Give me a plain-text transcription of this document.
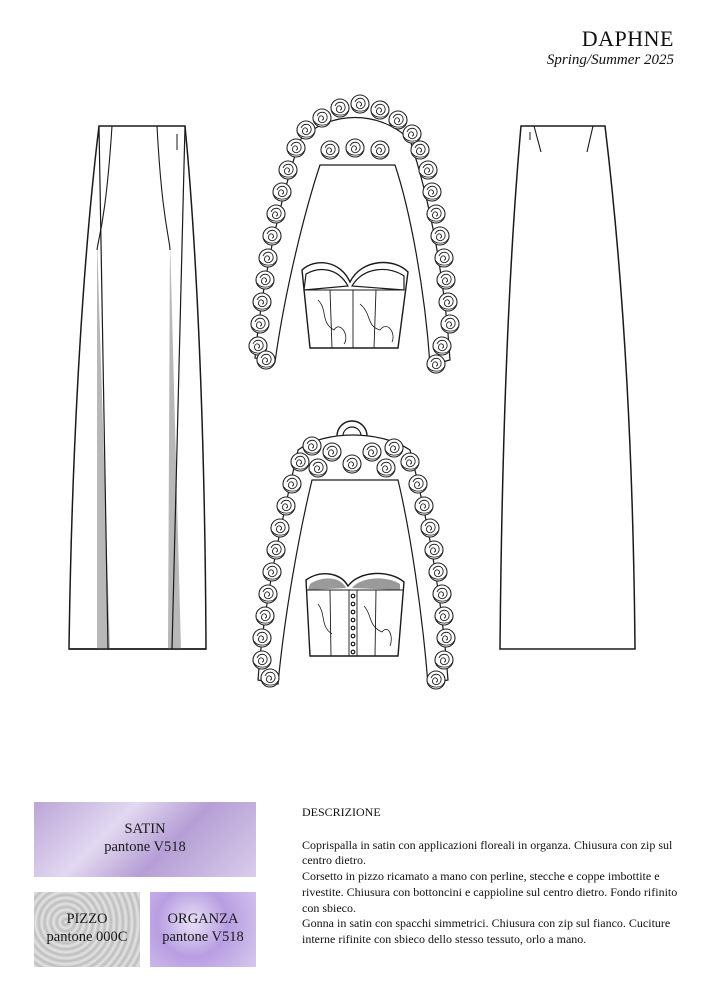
DAPHNE
Spring/Summer 2025
SATIN
pantone V518
PIZZO
pantone 000C
ORGANZA
pantone V518
DESCRIZIONE

Coprispalla in satin con applicazioni floreali in organza. Chiusura con zip sul centro dietro.

Corsetto in pizzo ricamato a mano con perline, stecche e coppe imbottite e rivestite. Chiusura con bottoncini e cappioline sul centro dietro. Fondo rifinito con sbieco.

Gonna in satin con spacchi simmetrici. Chiusura con zip sul fianco. Cuciture interne rifinite con sbieco dello stesso tessuto, orlo a mano.
